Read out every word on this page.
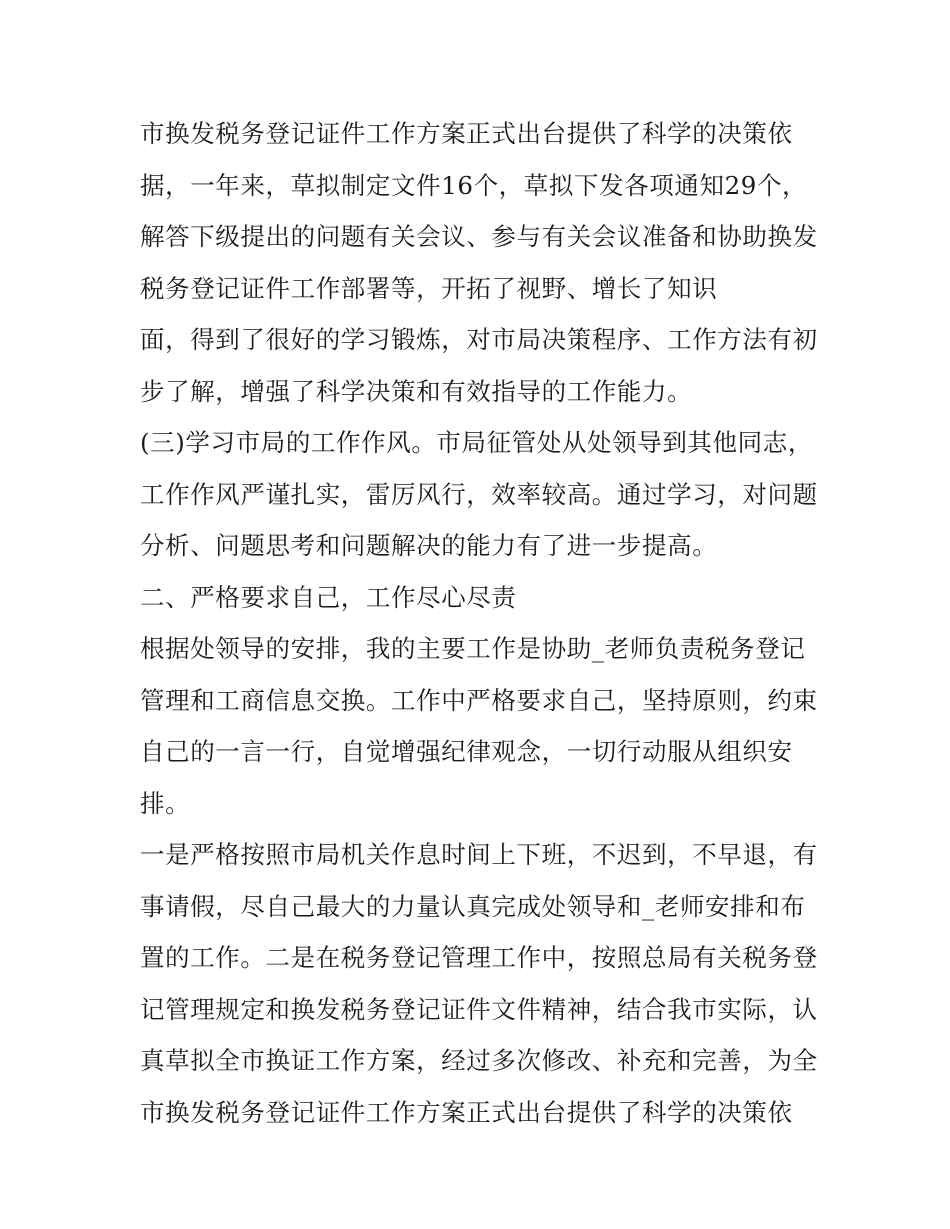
市换发税务登记证件工作方案正式出台提供了科学的决策依
据，一年来，草拟制定文件16个，草拟下发各项通知29个，
解答下级提出的问题有关会议、参与有关会议准备和协助换发
税务登记证件工作部署等，开拓了视野、增长了知识
面，得到了很好的学习锻炼，对市局决策程序、工作方法有初
步了解，增强了科学决策和有效指导的工作能力。
(三)学习市局的工作作风。市局征管处从处领导到其他同志，
工作作风严谨扎实，雷厉风行，效率较高。通过学习，对问题
分析、问题思考和问题解决的能力有了进一步提高。
二、严格要求自己，工作尽心尽责
根据处领导的安排，我的主要工作是协助_老师负责税务登记
管理和工商信息交换。工作中严格要求自己，坚持原则，约束
自己的一言一行，自觉增强纪律观念，一切行动服从组织安
排。
一是严格按照市局机关作息时间上下班，不迟到，不早退，有
事请假，尽自己最大的力量认真完成处领导和_老师安排和布
置的工作。二是在税务登记管理工作中，按照总局有关税务登
记管理规定和换发税务登记证件文件精神，结合我市实际，认
真草拟全市换证工作方案，经过多次修改、补充和完善，为全
市换发税务登记证件工作方案正式出台提供了科学的决策依
